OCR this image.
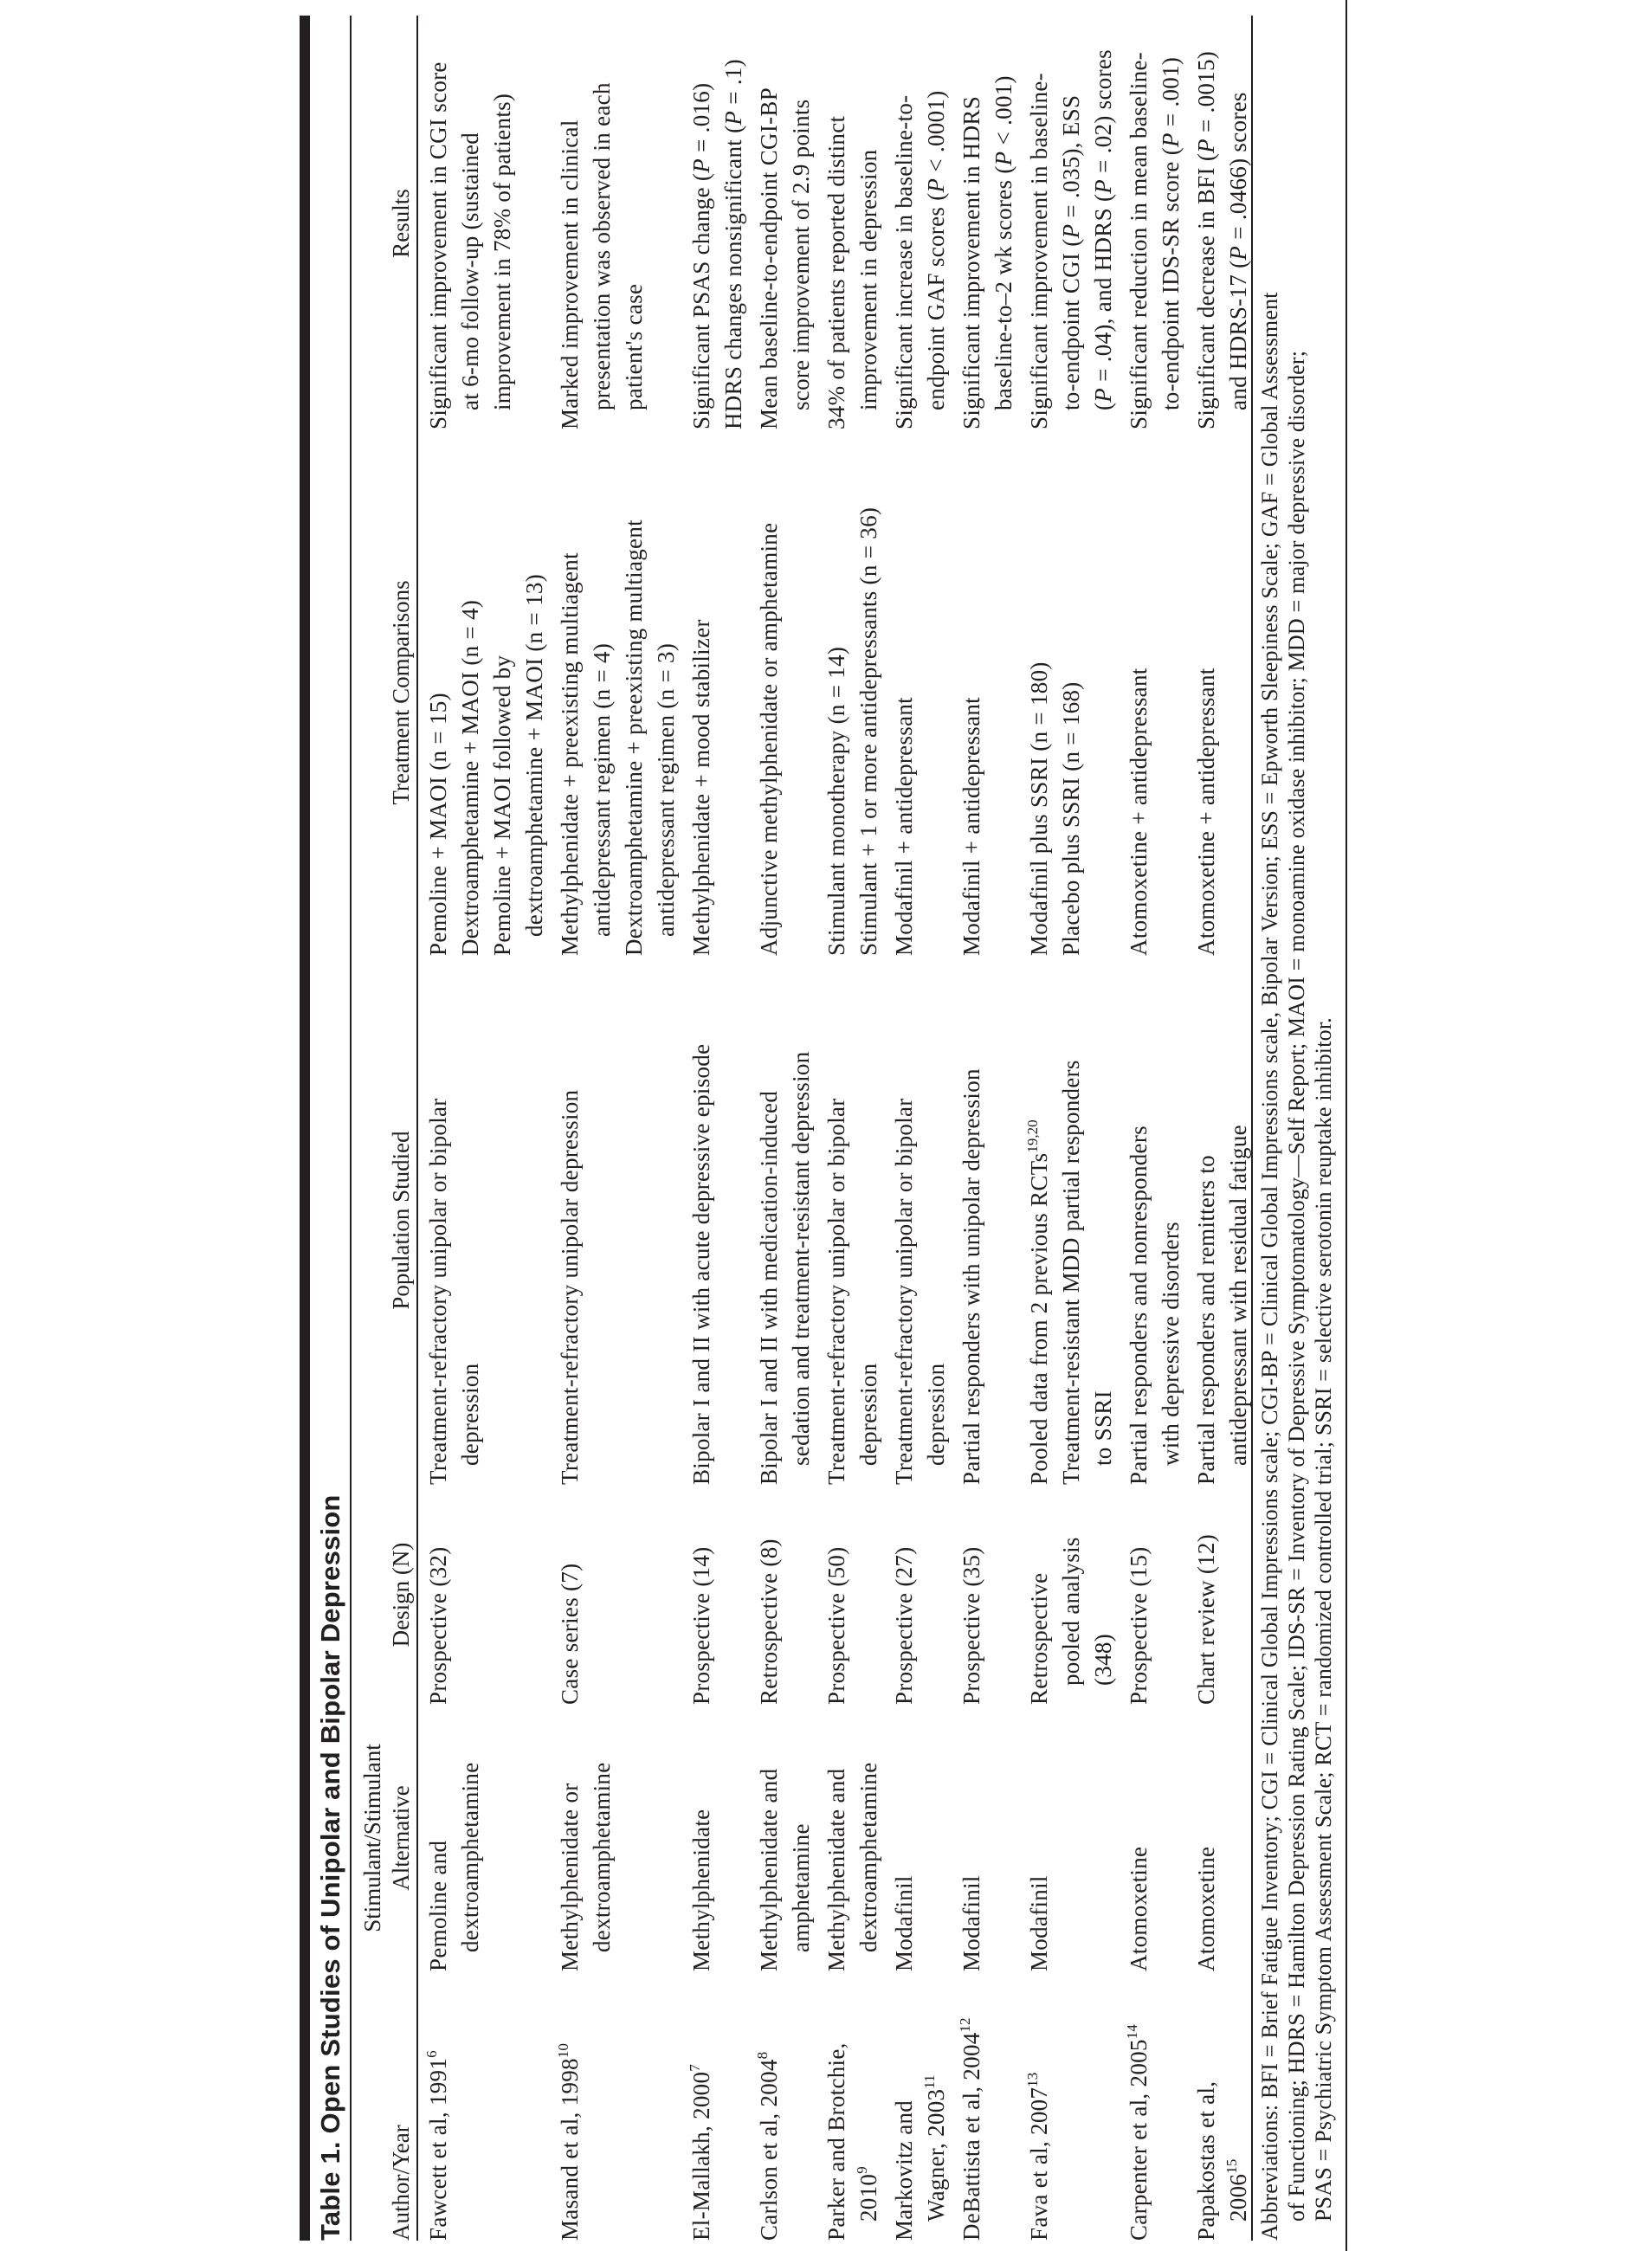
Table 1. Open Studies of Unipolar and Bipolar Depression Author/Year
Stimulant/Stimulant Alternative
Design (N)
Population Studied
Treatment Comparisons
Results
Fawcett et al, 1991$^6$
Pemoline and dextroamphetamine
Prospective (32)
Treatment-refractory unipolar or bipolar depression
Pemoline + MAOI (n = 15) Dextroamphetamine + MAOI (n = 4) Pemoline + MAOI followed by dextroamphetamine + MAOI (n = 13)
Significant improvement in CGI score at 6-mo follow-up (sustained improvement in 78% of patients)
Masand et al, 1998$^{10}$
Methylphenidate or dextroamphetamine
Case series (7)
Treatment-refractory unipolar depression
Methylphenidate + preexisting multiagent antidepressant regimen (n = 4) Dextroamphetamine + preexisting multiagent antidepressant regimen (n = 3)
Marked improvement in clinical presentation was observed in each patient's case
El-Mallakh, 2000$^7$
Methylphenidate
Prospective (14)
Bipolar I and II with acute depressive episode
Methylphenidate + mood stabilizer
Significant PSAS change (P = .016)
HDRS changes nonsignificant (P = .1)
Carlson et al, 2004$^8$
Methylphenidate and amphetamine
Retrospective (8)
Bipolar I and II with medication-induced sedation and treatment-resistant depression
Adjunctive methylphenidate or amphetamine
Mean baseline-to-endpoint CGI-BP score improvement of 2.9 points
Parker and Brotchie, 2010$^9$
Methylphenidate and dextroamphetamine
Prospective (50)
Treatment-refractory unipolar or bipolar depression
Stimulant monotherapy (n = 14) Stimulant + 1 or more antidepressants (n = 36)
34% of patients reported distinct improvement in depression
Markovitz and Wagner, 2003$^{11}$
Modafinil
Prospective (27)
Treatment-refractory unipolar or bipolar depression
Modafinil + antidepressant
Significant increase in baseline-to- endpoint GAF scores (P < .0001)
DeBattista et al, 2004$^{12}$
Modafinil
Prospective (35)
Partial responders with unipolar depression
Modafinil + antidepressant
Significant improvement in HDRS baseline-to–2 wk scores (P < .001)
Fava et al, 2007$^{13}$
Modafinil
Retrospective pooled analysis (348)
Pooled data from 2 previous RCTs$^{19,20}$ Treatment-resistant MDD partial responders to SSRI
Modafinil plus SSRI (n = 180) Placebo plus SSRI (n = 168)
Significant improvement in baseline- to-endpoint CGI (P = .035), ESS
(P = .04), and HDRS (P = .02) scores
Carpenter et al, 2005$^{14}$
Atomoxetine
Prospective (15)
Partial responders and nonresponders with depressive disorders
Atomoxetine + antidepressant
Significant reduction in mean baseline- to-endpoint IDS-SR score (P = .001)
Papakostas et al, 2006$^{15}$
Atomoxetine
Chart review (12)
Partial responders and remitters to antidepressant with residual fatigue
Atomoxetine + antidepressant
Significant decrease in BFI (P = .0015)
and HDRS-17 (P = .0466) scores
Abbreviations: BFI = Brief Fatigue Inventory; CGI = Clinical Global Impressions scale; CGI-BP = Clinical Global Impressions scale, Bipolar Version; ESS = Epworth Sleepiness Scale; GAF = Global Assessment of Functioning; HDRS = Hamilton Depression Rating Scale; IDS-SR = Inventory of Depressive Symptomatology—Self Report; MAOI = monoamine oxidase inhibitor; MDD = major depressive disorder; PSAS = Psychiatric Symptom Assessment Scale; RCT = randomized controlled trial; SSRI = selective serotonin reuptake inhibitor.
